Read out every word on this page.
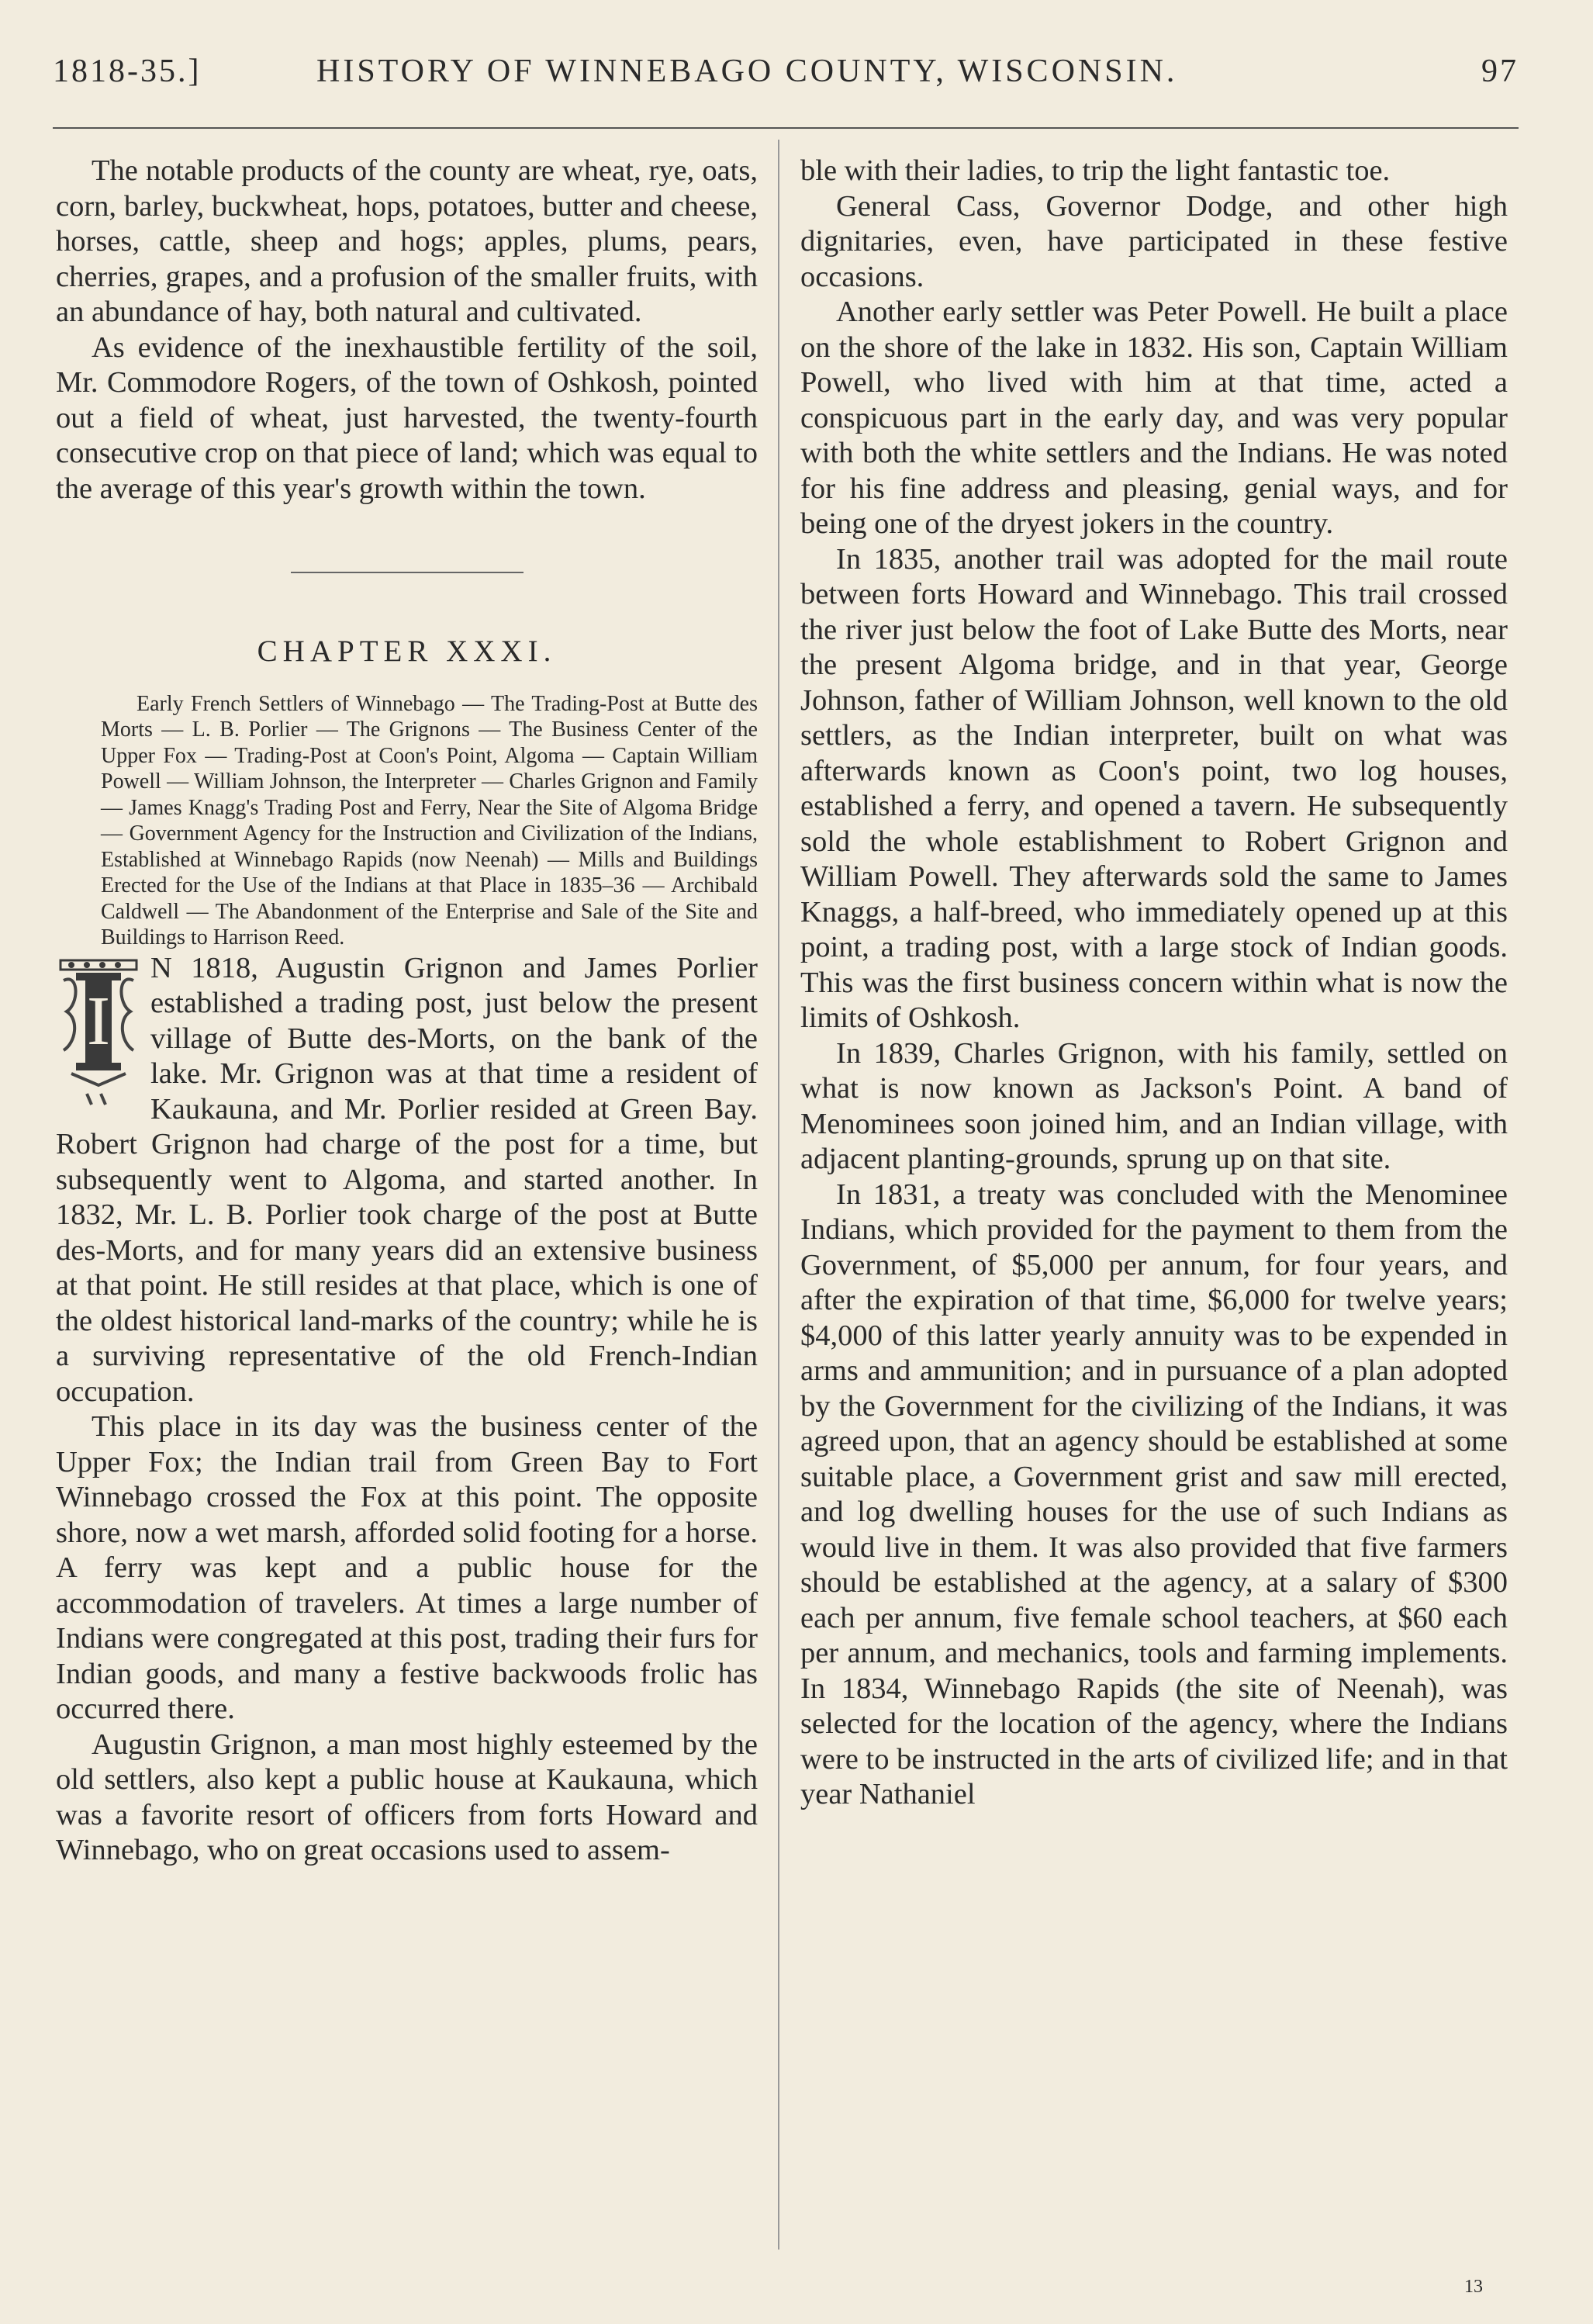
1818-35.]	HISTORY OF WINNEBAGO COUNTY, WISCONSIN.	97

The notable products of the county are wheat, rye, oats, corn, barley, buckwheat, hops, potatoes, butter and cheese, horses, cattle, sheep and hogs; apples, plums, pears, cherries, grapes, and a profusion of the smaller fruits, with an abundance of hay, both natural and cultivated.

As evidence of the inexhaustible fertility of the soil, Mr. Commodore Rogers, of the town of Oshkosh, pointed out a field of wheat, just harvested, the twenty-fourth consecutive crop on that piece of land; which was equal to the average of this year's growth within the town.

CHAPTER XXXI.

Early French Settlers of Winnebago — The Trading-Post at Butte des Morts — L. B. Porlier — The Grignons — The Business Center of the Upper Fox — Trading-Post at Coon's Point, Algoma — Captain William Powell — William Johnson, the Interpreter — Charles Grignon and Family — James Knagg's Trading Post and Ferry, Near the Site of Algoma Bridge — Government Agency for the Instruction and Civilization of the Indians, Established at Winnebago Rapids (now Neenah) — Mills and Buildings Erected for the Use of the Indians at that Place in 1835–36 — Archibald Caldwell — The Abandonment of the Enterprise and Sale of the Site and Buildings to Harrison Reed.

I

N 1818, Augustin Grignon and James Porlier established a trading post, just below the present village of Butte des-Morts, on the bank of the lake. Mr. Grignon was at that time a resident of Kaukauna, and Mr. Porlier resided at Green Bay. Robert Grignon had charge of the post for a time, but subsequently went to Algoma, and started another. In 1832, Mr. L. B. Porlier took charge of the post at Butte des-Morts, and for many years did an extensive business at that point. He still resides at that place, which is one of the oldest historical land-marks of the country; while he is a surviving representative of the old French-Indian occupation.

This place in its day was the business center of the Upper Fox; the Indian trail from Green Bay to Fort Winnebago crossed the Fox at this point. The opposite shore, now a wet marsh, afforded solid footing for a horse. A ferry was kept and a public house for the accommodation of travelers. At times a large number of Indians were congregated at this post, trading their furs for Indian goods, and many a festive backwoods frolic has occurred there.

Augustin Grignon, a man most highly esteemed by the old settlers, also kept a public house at Kaukauna, which was a favorite resort of officers from forts Howard and Winnebago, who on great occasions used to assem-

ble with their ladies, to trip the light fantastic toe.

General Cass, Governor Dodge, and other high dignitaries, even, have participated in these festive occasions.

Another early settler was Peter Powell. He built a place on the shore of the lake in 1832. His son, Captain William Powell, who lived with him at that time, acted a conspicuous part in the early day, and was very popular with both the white settlers and the Indians. He was noted for his fine address and pleasing, genial ways, and for being one of the dryest jokers in the country.

In 1835, another trail was adopted for the mail route between forts Howard and Winnebago. This trail crossed the river just below the foot of Lake Butte des Morts, near the present Algoma bridge, and in that year, George Johnson, father of William Johnson, well known to the old settlers, as the Indian interpreter, built on what was afterwards known as Coon's point, two log houses, established a ferry, and opened a tavern. He subsequently sold the whole establishment to Robert Grignon and William Powell. They afterwards sold the same to James Knaggs, a half-breed, who immediately opened up at this point, a trading post, with a large stock of Indian goods. This was the first business concern within what is now the limits of Oshkosh.

In 1839, Charles Grignon, with his family, settled on what is now known as Jackson's Point. A band of Menominees soon joined him, and an Indian village, with adjacent planting-grounds, sprung up on that site.

In 1831, a treaty was concluded with the Menominee Indians, which provided for the payment to them from the Government, of $5,000 per annum, for four years, and after the expiration of that time, $6,000 for twelve years; $4,000 of this latter yearly annuity was to be expended in arms and ammunition; and in pursuance of a plan adopted by the Government for the civilizing of the Indians, it was agreed upon, that an agency should be established at some suitable place, a Government grist and saw mill erected, and log dwelling houses for the use of such Indians as would live in them. It was also provided that five farmers should be established at the agency, at a salary of $300 each per annum, five female school teachers, at $60 each per annum, and mechanics, tools and farming implements. In 1834, Winnebago Rapids (the site of Neenah), was selected for the location of the agency, where the Indians were to be instructed in the arts of civilized life; and in that year Nathaniel

13
